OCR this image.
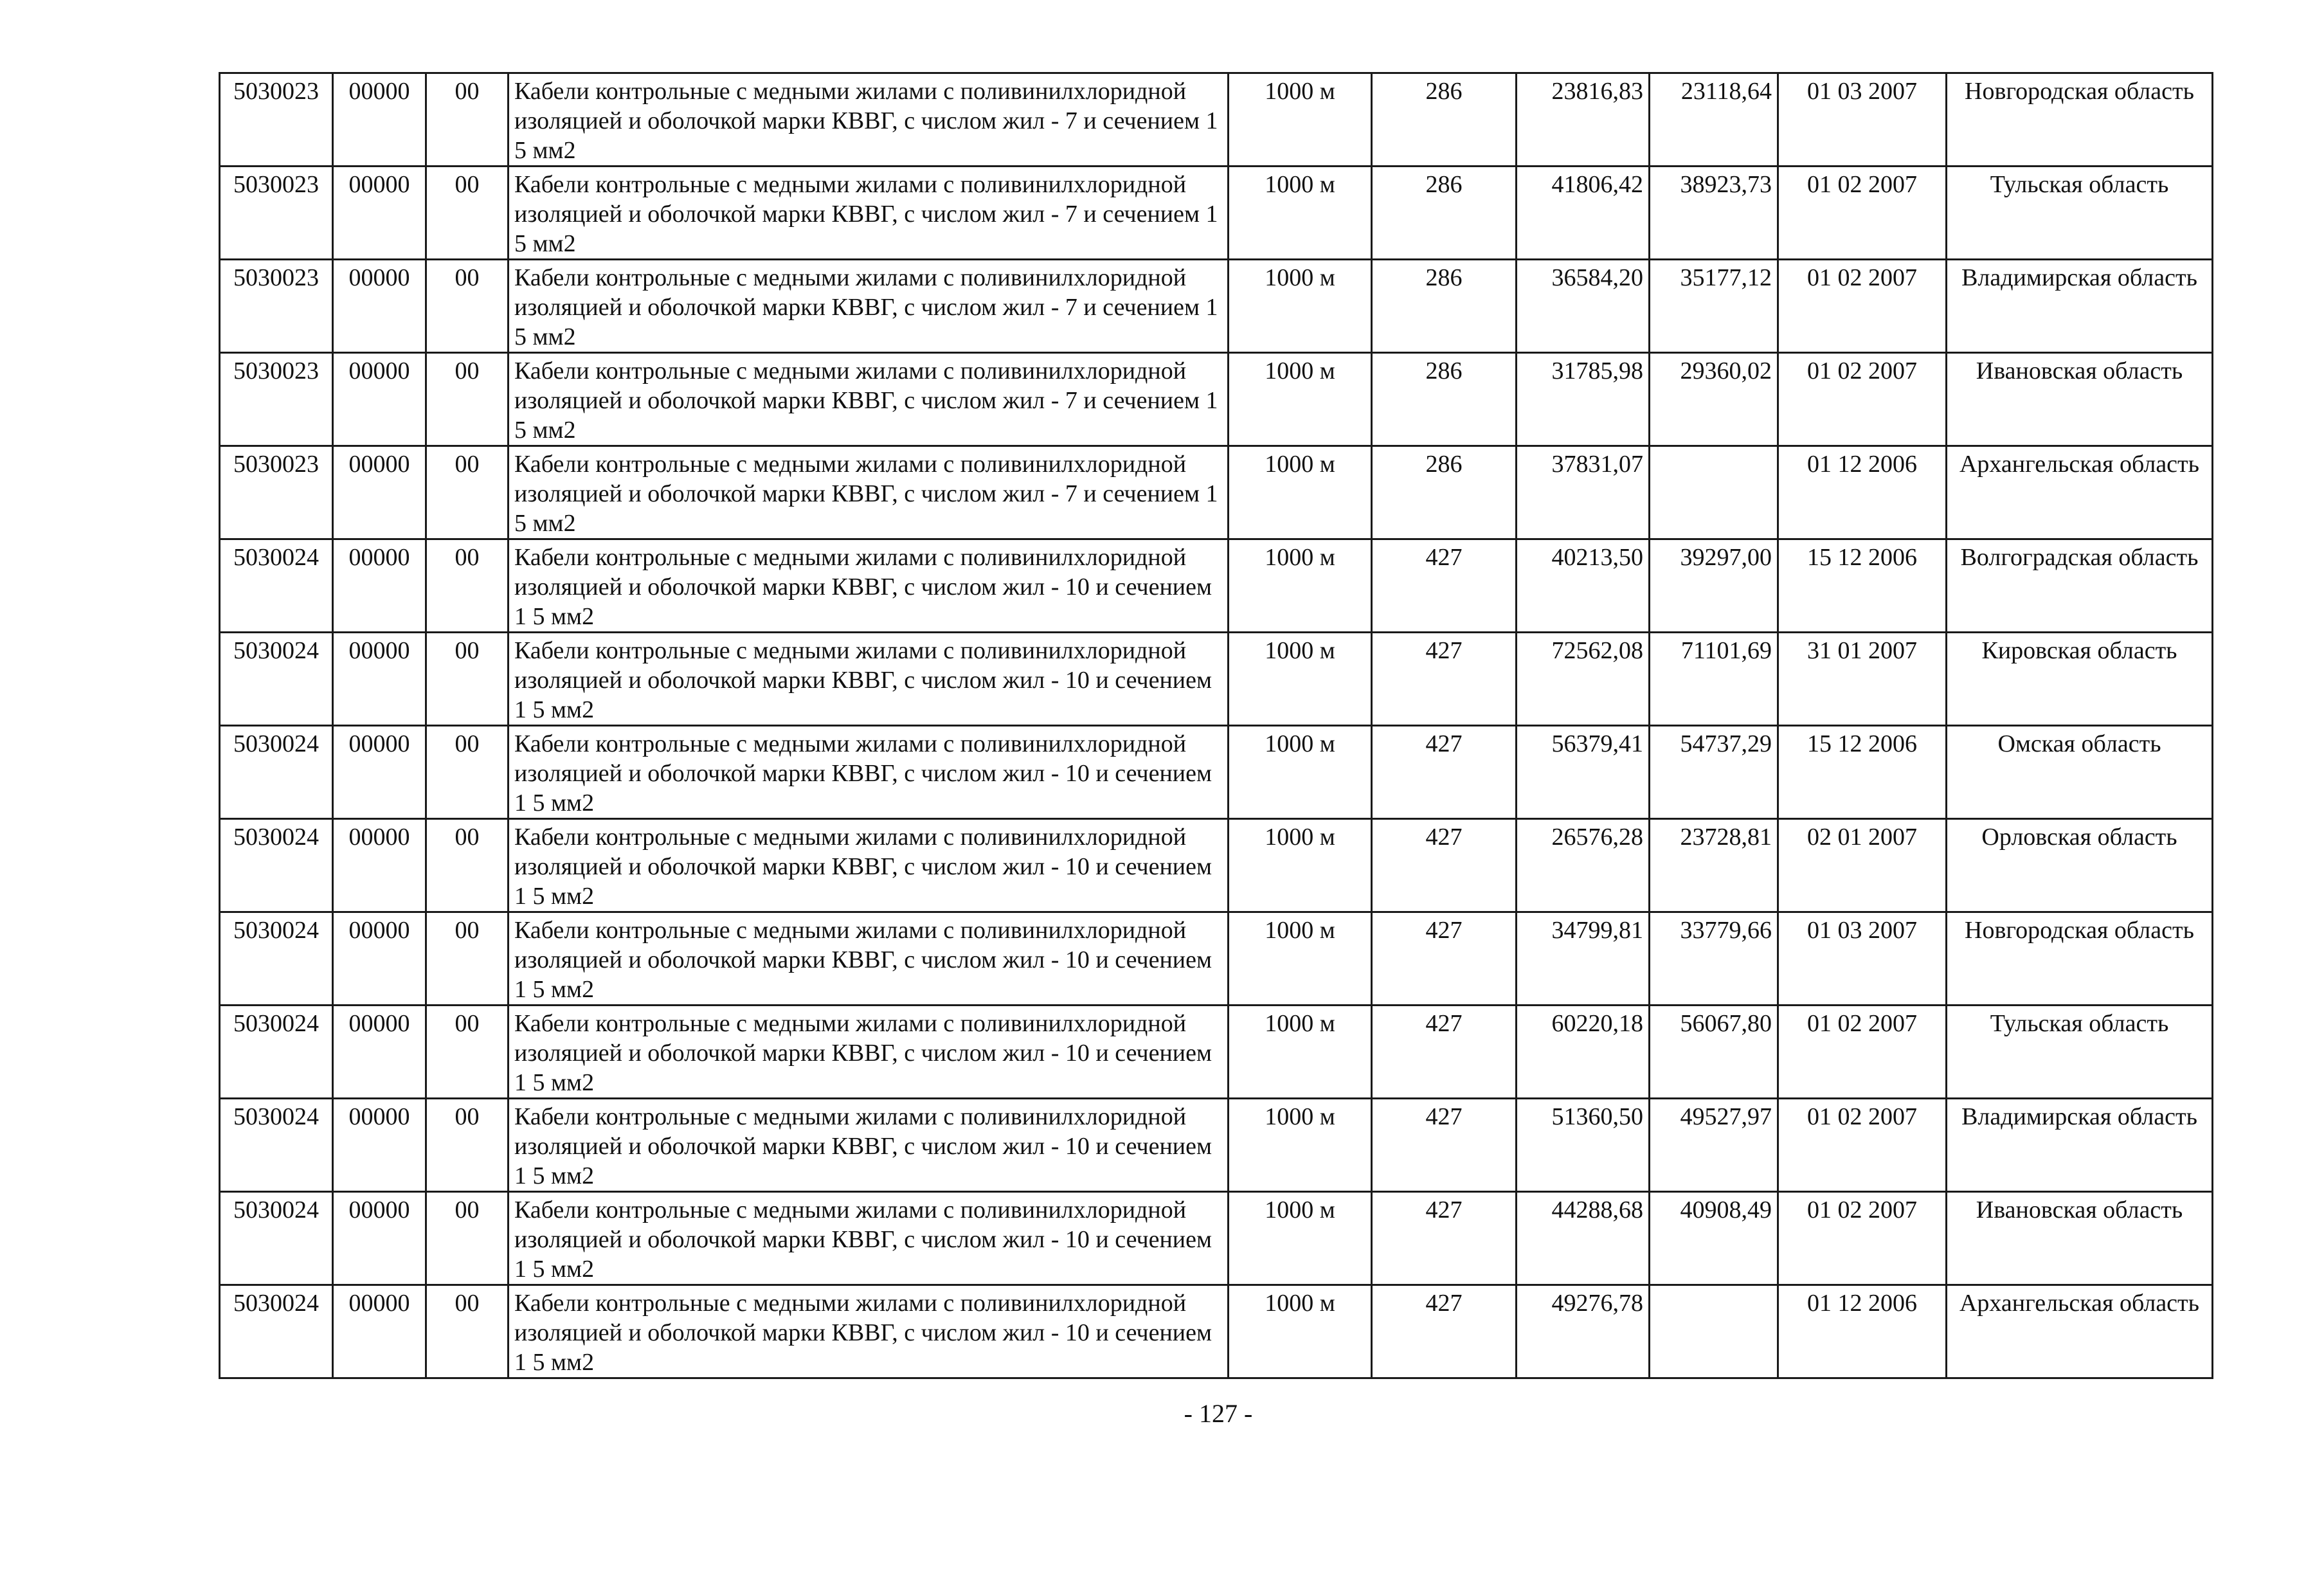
5030023	00000	00	Кабели контрольные с медными жилами с поливинилхлоридной изоляцией и оболочкой марки КВВГ, с числом жил - 7 и сечением 1 5 мм2	1000 м	286	23816,83	23118,64	01 03 2007	Новгородская область
5030023	00000	00	Кабели контрольные с медными жилами с поливинилхлоридной изоляцией и оболочкой марки КВВГ, с числом жил - 7 и сечением 1 5 мм2	1000 м	286	41806,42	38923,73	01 02 2007	Тульская область
5030023	00000	00	Кабели контрольные с медными жилами с поливинилхлоридной изоляцией и оболочкой марки КВВГ, с числом жил - 7 и сечением 1 5 мм2	1000 м	286	36584,20	35177,12	01 02 2007	Владимирская область
5030023	00000	00	Кабели контрольные с медными жилами с поливинилхлоридной изоляцией и оболочкой марки КВВГ, с числом жил - 7 и сечением 1 5 мм2	1000 м	286	31785,98	29360,02	01 02 2007	Ивановская область
5030023	00000	00	Кабели контрольные с медными жилами с поливинилхлоридной изоляцией и оболочкой марки КВВГ, с числом жил - 7 и сечением 1 5 мм2	1000 м	286	37831,07		01 12 2006	Архангельская область
5030024	00000	00	Кабели контрольные с медными жилами с поливинилхлоридной изоляцией и оболочкой марки КВВГ, с числом жил - 10 и сечением 1 5 мм2	1000 м	427	40213,50	39297,00	15 12 2006	Волгоградская область
5030024	00000	00	Кабели контрольные с медными жилами с поливинилхлоридной изоляцией и оболочкой марки КВВГ, с числом жил - 10 и сечением 1 5 мм2	1000 м	427	72562,08	71101,69	31 01 2007	Кировская область
5030024	00000	00	Кабели контрольные с медными жилами с поливинилхлоридной изоляцией и оболочкой марки КВВГ, с числом жил - 10 и сечением 1 5 мм2	1000 м	427	56379,41	54737,29	15 12 2006	Омская область
5030024	00000	00	Кабели контрольные с медными жилами с поливинилхлоридной изоляцией и оболочкой марки КВВГ, с числом жил - 10 и сечением 1 5 мм2	1000 м	427	26576,28	23728,81	02 01 2007	Орловская область
5030024	00000	00	Кабели контрольные с медными жилами с поливинилхлоридной изоляцией и оболочкой марки КВВГ, с числом жил - 10 и сечением 1 5 мм2	1000 м	427	34799,81	33779,66	01 03 2007	Новгородская область
5030024	00000	00	Кабели контрольные с медными жилами с поливинилхлоридной изоляцией и оболочкой марки КВВГ, с числом жил - 10 и сечением 1 5 мм2	1000 м	427	60220,18	56067,80	01 02 2007	Тульская область
5030024	00000	00	Кабели контрольные с медными жилами с поливинилхлоридной изоляцией и оболочкой марки КВВГ, с числом жил - 10 и сечением 1 5 мм2	1000 м	427	51360,50	49527,97	01 02 2007	Владимирская область
5030024	00000	00	Кабели контрольные с медными жилами с поливинилхлоридной изоляцией и оболочкой марки КВВГ, с числом жил - 10 и сечением 1 5 мм2	1000 м	427	44288,68	40908,49	01 02 2007	Ивановская область
5030024	00000	00	Кабели контрольные с медными жилами с поливинилхлоридной изоляцией и оболочкой марки КВВГ, с числом жил - 10 и сечением 1 5 мм2	1000 м	427	49276,78		01 12 2006	Архангельская область
- 127 -
